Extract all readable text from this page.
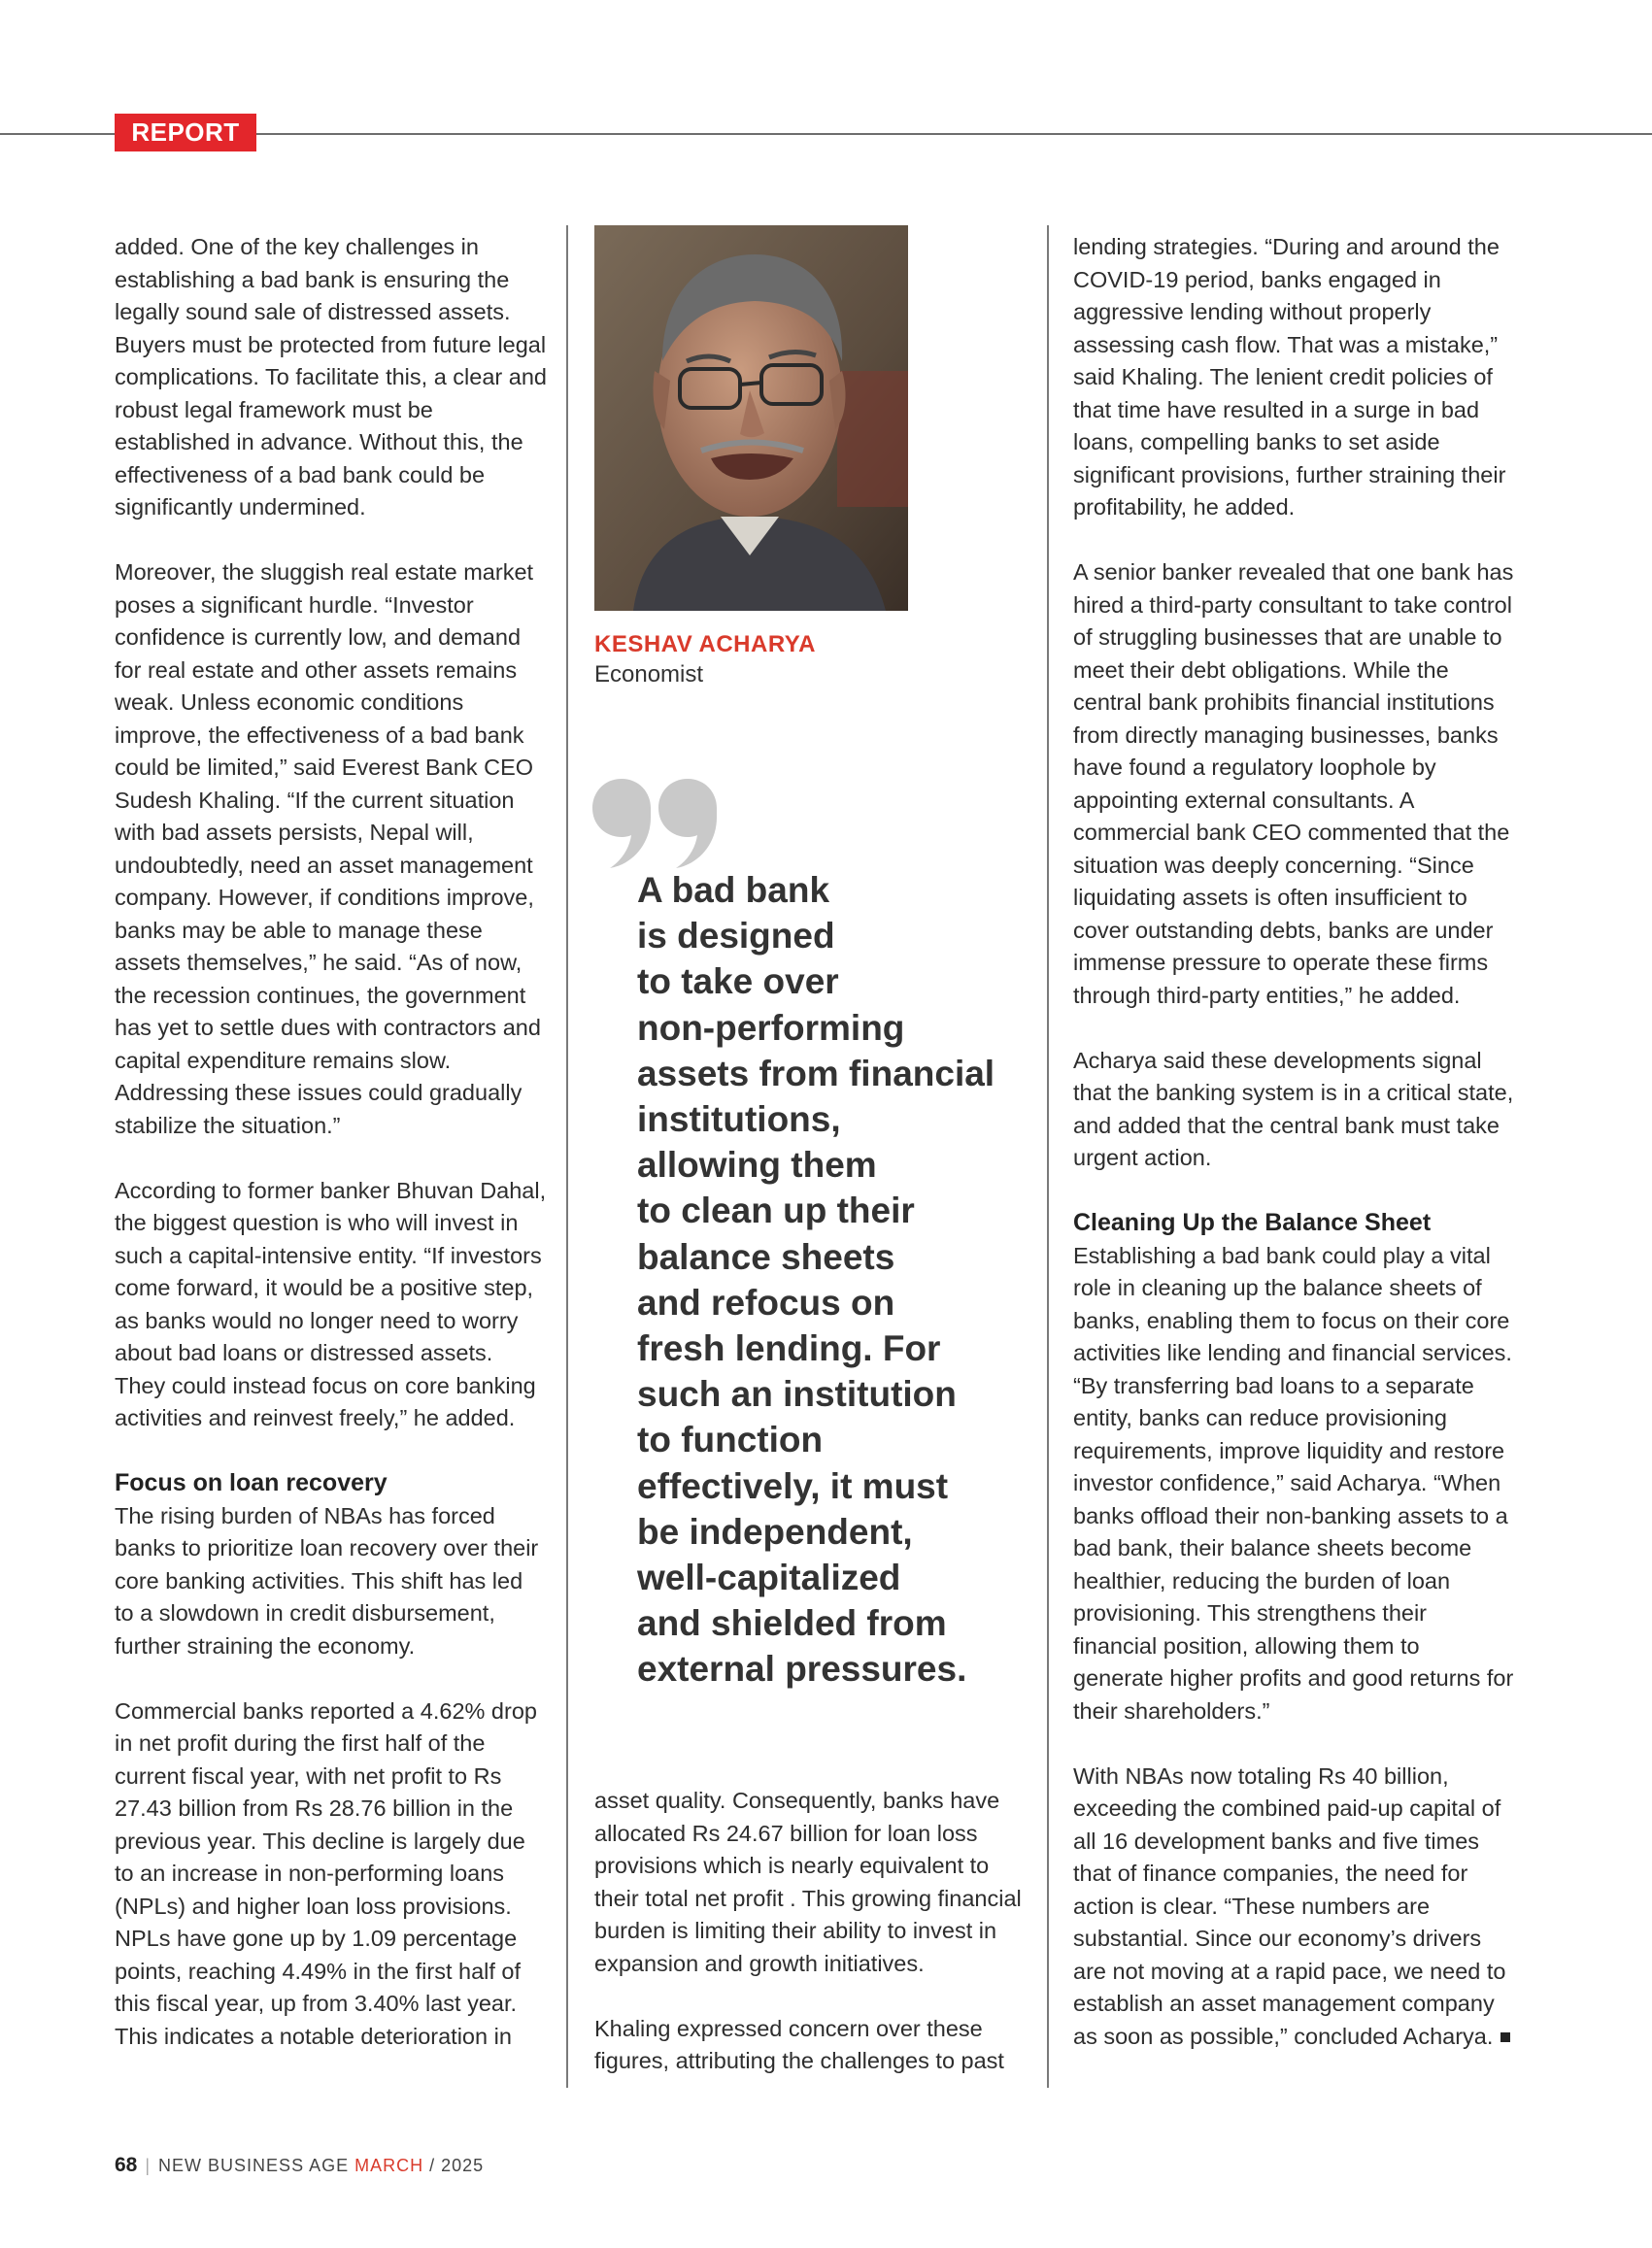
REPORT

added. One of the key challenges in establishing a bad bank is ensuring the legally sound sale of distressed assets. Buyers must be protected from future legal complications. To facilitate this, a clear and robust legal framework must be established in advance. Without this, the effectiveness of a bad bank could be significantly undermined.

Moreover, the sluggish real estate market poses a significant hurdle. “Investor confidence is currently low, and demand for real estate and other assets remains weak. Unless economic conditions improve, the effectiveness of a bad bank could be limited,” said Everest Bank CEO Sudesh Khaling. “If the current situation with bad assets persists, Nepal will, undoubtedly, need an asset management company. However, if conditions improve, banks may be able to manage these assets themselves,” he said. “As of now, the recession continues, the government has yet to settle dues with contractors and capital expenditure remains slow. Addressing these issues could gradually stabilize the situation.”

According to former banker Bhuvan Dahal, the biggest question is who will invest in such a capital-intensive entity. “If investors come forward, it would be a positive step, as banks would no longer need to worry about bad loans or distressed assets. They could instead focus on core banking activities and reinvest freely,” he added.

Focus on loan recovery

The rising burden of NBAs has forced banks to prioritize loan recovery over their core banking activities. This shift has led to a slowdown in credit disbursement, further straining the economy.

Commercial banks reported a 4.62% drop in net profit during the first half of the current fiscal year, with net profit to Rs 27.43 billion from Rs 28.76 billion in the previous year. This decline is largely due to an increase in non-performing loans (NPLs) and higher loan loss provisions. NPLs have gone up by 1.09 percentage points, reaching 4.49% in the first half of this fiscal year, up from 3.40% last year. This indicates a notable deterioration in

KESHAV ACHARYA
Economist
A bad bank
is designed
to take over
non-performing
assets from financial
institutions,
allowing them
to clean up their
balance sheets
and refocus on
fresh lending. For
such an institution
to function
effectively, it must
be independent,
well-capitalized
and shielded from
external pressures.

asset quality. Consequently, banks have allocated Rs 24.67 billion for loan loss provisions which is nearly equivalent to their total net profit . This growing financial burden is limiting their ability to invest in expansion and growth initiatives.

Khaling expressed concern over these figures, attributing the challenges to past

lending strategies. “During and around the COVID-19 period, banks engaged in aggressive lending without properly assessing cash flow. That was a mistake,” said Khaling. The lenient credit policies of that time have resulted in a surge in bad loans, compelling banks to set aside significant provisions, further straining their profitability, he added.

A senior banker revealed that one bank has hired a third-party consultant to take control of struggling businesses that are unable to meet their debt obligations. While the central bank prohibits financial institutions from directly managing businesses, banks have found a regulatory loophole by appointing external consultants. A commercial bank CEO commented that the situation was deeply concerning. “Since liquidating assets is often insufficient to cover outstanding debts, banks are under immense pressure to operate these firms through third-party entities,” he added.

Acharya said these developments signal that the banking system is in a critical state, and added that the central bank must take urgent action.

Cleaning Up the Balance Sheet

Establishing a bad bank could play a vital role in cleaning up the balance sheets of banks, enabling them to focus on their core activities like lending and financial services. “By transferring bad loans to a separate entity, banks can reduce provisioning requirements, improve liquidity and restore investor confidence,” said Acharya. “When banks offload their non-banking assets to a bad bank, their balance sheets become healthier, reducing the burden of loan provisioning. This strengthens their financial position, allowing them to generate higher profits and good returns for their shareholders.”

With NBAs now totaling Rs 40 billion, exceeding the combined paid-up capital of all 16 development banks and five times that of finance companies, the need for action is clear. “These numbers are substantial. Since our economy’s drivers are not moving at a rapid pace, we need to establish an asset management company as soon as possible,” concluded Acharya.

68 | NEW BUSINESS AGE MARCH / 2025
